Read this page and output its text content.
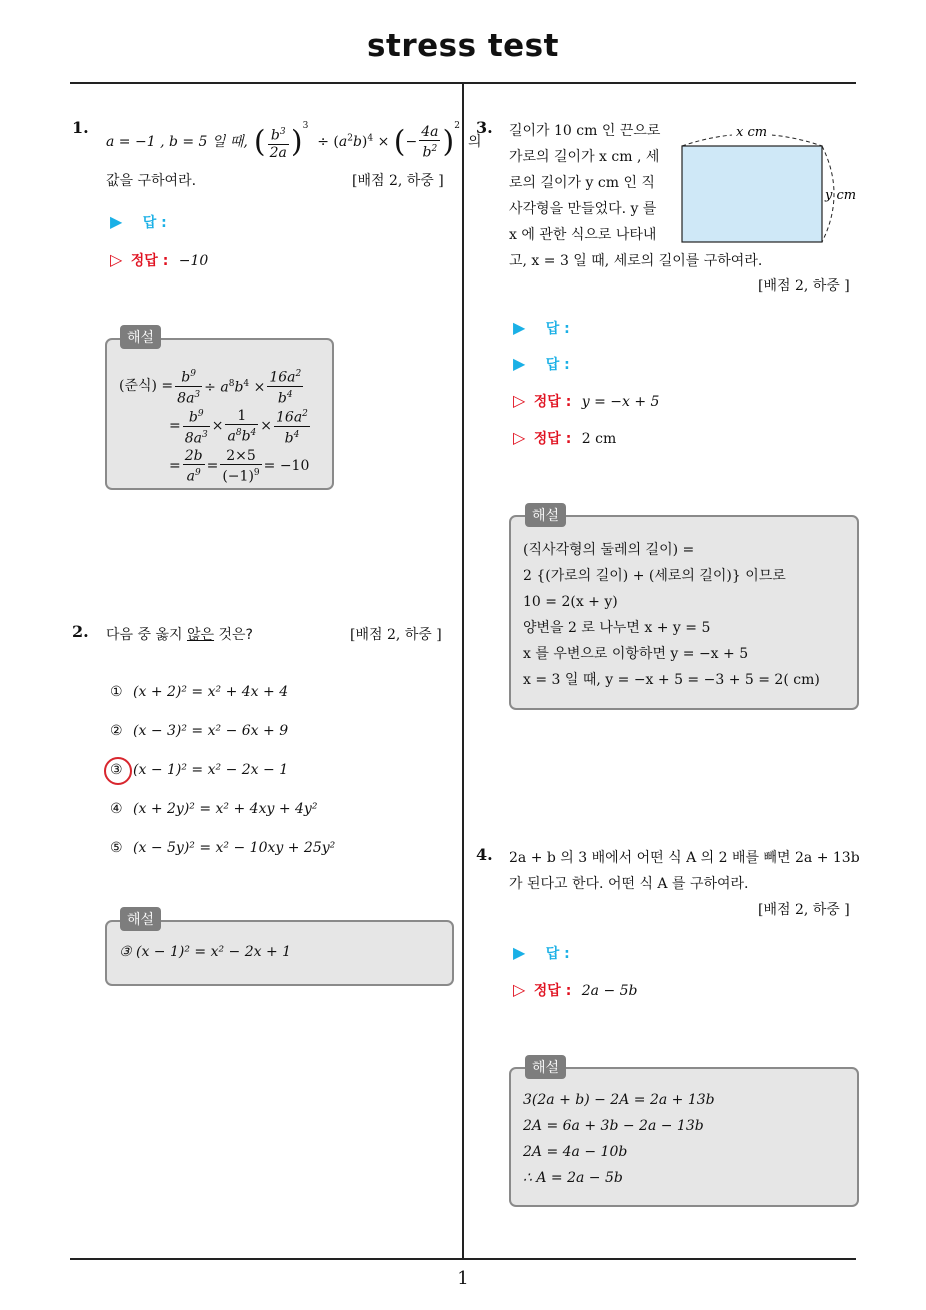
stress test
1
1.
a = −1 , b = 5 일 때, ( $\frac{b^3}{2a} )^3 \div (a^2b)^4$ × (− $\frac{4a}{b^2} )^2$
의
값을 구하여라.	[배점 2, 하중 ]
▶ 답 :
▷ 정답 : −10
(준식) = $\frac{b^9}{8a^3} \div a^8b^4 \times \frac{16a^2}{b^4}$
= $\frac{b^9}{8a^3} \times \frac{1}{a^8b^4} \times \frac{16a^2}{b^4}$
= $\frac{2b}{a^9} = \frac{2\times 5}{(-1)^9} = -10$
해설
2. 다음 중 옳지 않은 것은?	[배점 2, 하중 ]
① (x + 2)² = x² + 4x + 4
② (x − 3)² = x² − 6x + 9
③ (x − 1)² = x² − 2x − 1
④ (x + 2y)² = x² + 4xy + 4y²
⑤ (x − 5y)² = x² − 10xy + 25y²
③ (x − 1)² = x² − 2x + 1
해설
3. 길이가 10 cm 인 끈으로
가로의 길이가 x cm , 세
로의 길이가 y cm 인 직
사각형을 만들었다. y 를
x 에 관한 식으로 나타내
고, x = 3 일 때, 세로의 길이를 구하여라.
[배점 2, 하중 ]
x cm
y cm
▶ 답 :
▶ 답 :
▷ 정답 : y = −x + 5
▷ 정답 : 2 cm
(직사각형의 둘레의 길이) =
2 {(가로의 길이) + (세로의 길이)} 이므로
10 = 2(x + y)
양변을 2 로 나누면 x + y = 5
x 를 우변으로 이항하면 y = −x + 5
x = 3 일 때, y = −x + 5 = −3 + 5 = 2( cm)
해설
4. 2a + b 의 3 배에서 어떤 식 A 의 2 배를 빼면 2a + 13b
가 된다고 한다. 어떤 식 A 를 구하여라.
[배점 2, 하중 ]
▶ 답 :
▷ 정답 : 2a − 5b
3(2a + b) − 2A = 2a + 13b
2A = 6a + 3b − 2a − 13b
2A = 4a − 10b
∴ A = 2a − 5b
해설
